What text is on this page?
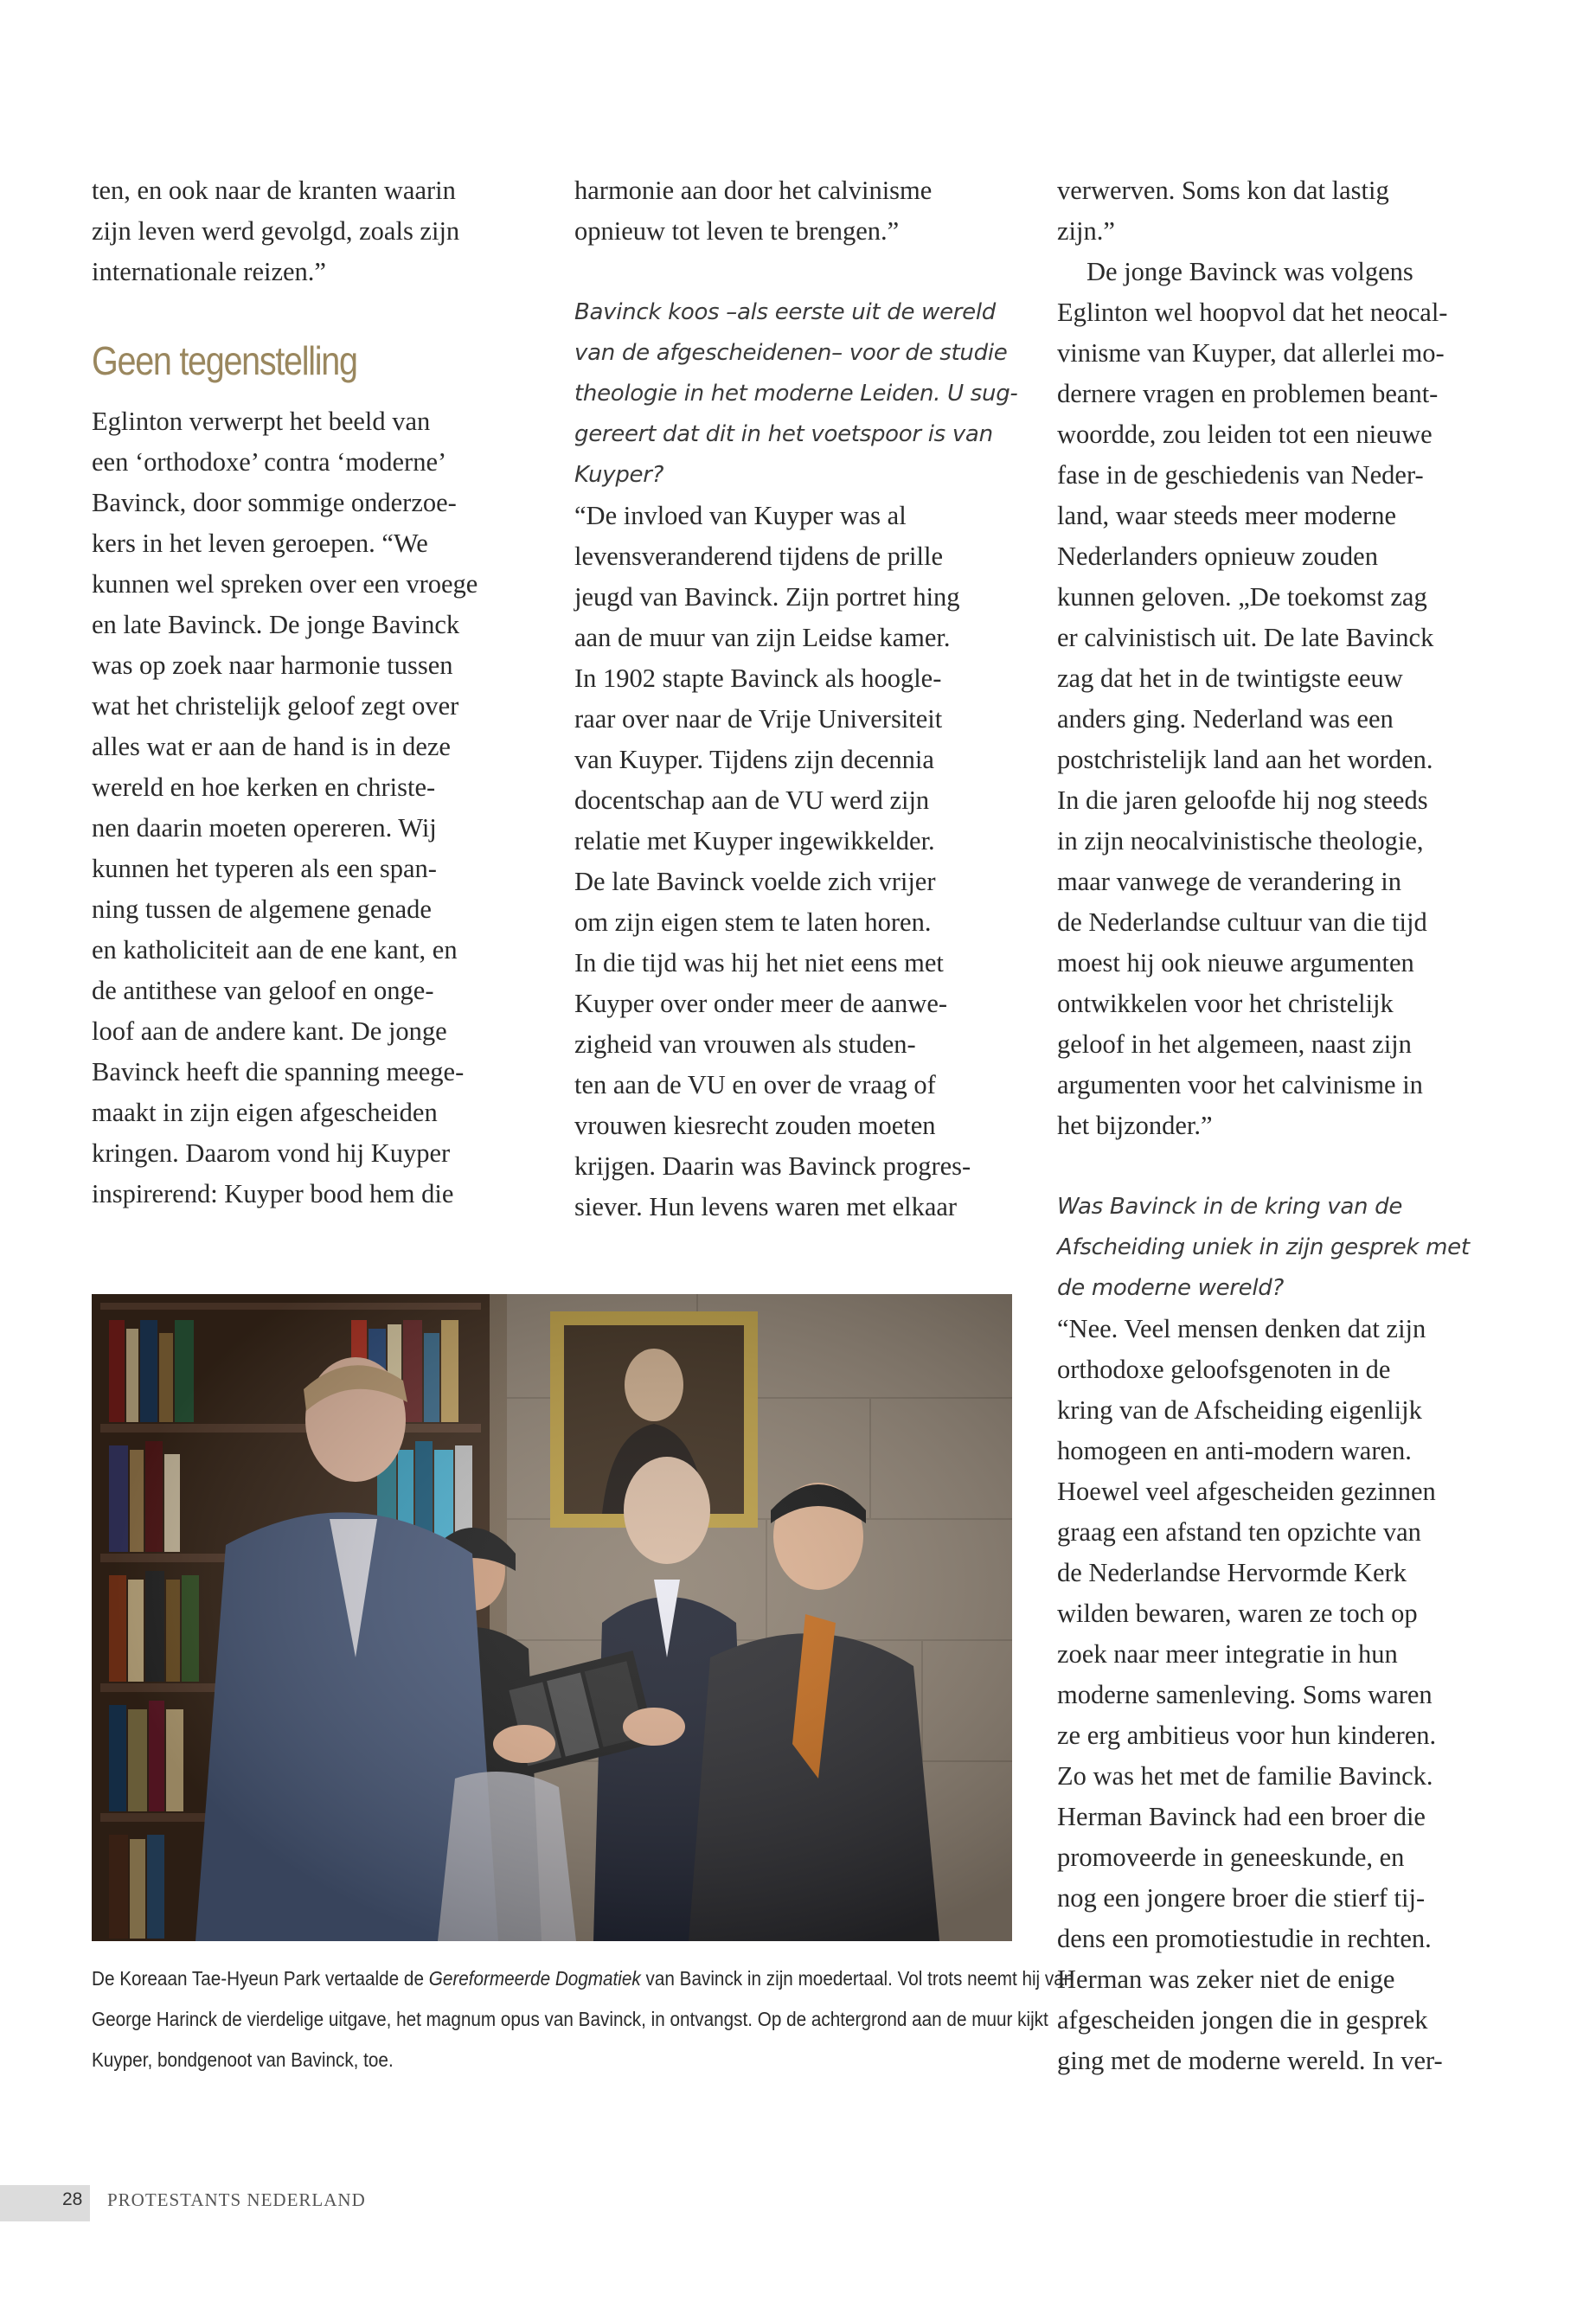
ten, en ook naar de kranten waarin
zijn leven werd gevolgd, zoals zijn
internationale reizen.”
Geen tegenstelling
Eglinton verwerpt het beeld van
een ‘orthodoxe’ contra ‘moderne’
Bavinck, door sommige onderzoe-
kers in het leven geroepen. “We
kunnen wel spreken over een vroege
en late Bavinck. De jonge Bavinck
was op zoek naar harmonie tussen
wat het christelijk geloof zegt over
alles wat er aan de hand is in deze
wereld en hoe kerken en christe-
nen daarin moeten opereren. Wij
kunnen het typeren als een span-
ning tussen de algemene genade
en katholiciteit aan de ene kant, en
de antithese van geloof en onge-
loof aan de andere kant. De jonge
Bavinck heeft die spanning meege-
maakt in zijn eigen afgescheiden
kringen. Daarom vond hij Kuyper
inspirerend: Kuyper bood hem die
harmonie aan door het calvinisme
opnieuw tot leven te brengen.”
Bavinck koos –als eerste uit de wereld
van de afgescheidenen– voor de studie
theologie in het moderne Leiden. U sug-
gereert dat dit in het voetspoor is van
Kuyper?
“De invloed van Kuyper was al
levensveranderend tijdens de prille
jeugd van Bavinck. Zijn portret hing
aan de muur van zijn Leidse kamer.
In 1902 stapte Bavinck als hoogle-
raar over naar de Vrije Universiteit
van Kuyper. Tijdens zijn decennia
docentschap aan de VU werd zijn
relatie met Kuyper ingewikkelder.
De late Bavinck voelde zich vrijer
om zijn eigen stem te laten horen.
In die tijd was hij het niet eens met
Kuyper over onder meer de aanwe-
zigheid van vrouwen als studen-
ten aan de VU en over de vraag of
vrouwen kiesrecht zouden moeten
krijgen. Daarin was Bavinck progres-
siever. Hun levens waren met elkaar
verwerven. Soms kon dat lastig
zijn.”
De jonge Bavinck was volgens
Eglinton wel hoopvol dat het neocal-
vinisme van Kuyper, dat allerlei mo-
dernere vragen en problemen beant-
woordde, zou leiden tot een nieuwe
fase in de geschiedenis van Neder-
land, waar steeds meer moderne
Nederlanders opnieuw zouden
kunnen geloven. „De toekomst zag
er calvinistisch uit. De late Bavinck
zag dat het in de twintigste eeuw
anders ging. Nederland was een
postchristelijk land aan het worden.
In die jaren geloofde hij nog steeds
in zijn neocalvinistische theologie,
maar vanwege de verandering in
de Nederlandse cultuur van die tijd
moest hij ook nieuwe argumenten
ontwikkelen voor het christelijk
geloof in het algemeen, naast zijn
argumenten voor het calvinisme in
het bijzonder.”
Was Bavinck in de kring van de
Afscheiding uniek in zijn gesprek met
de moderne wereld?
“Nee. Veel mensen denken dat zijn
orthodoxe geloofsgenoten in de
kring van de Afscheiding eigenlijk
homogeen en anti-modern waren.
Hoewel veel afgescheiden gezinnen
graag een afstand ten opzichte van
de Nederlandse Hervormde Kerk
wilden bewaren, waren ze toch op
zoek naar meer integratie in hun
moderne samenleving. Soms waren
ze erg ambitieus voor hun kinderen.
Zo was het met de familie Bavinck.
Herman Bavinck had een broer die
promoveerde in geneeskunde, en
nog een jongere broer die stierf tij-
dens een promotiestudie in rechten.
Herman was zeker niet de enige
afgescheiden jongen die in gesprek
ging met de moderne wereld. In ver-
De Koreaan Tae-Hyeun Park vertaalde de Gereformeerde Dogmatiek van Bavinck in zijn moedertaal. Vol trots neemt hij van
George Harinck de vierdelige uitgave, het magnum opus van Bavinck, in ontvangst. Op de achtergrond aan de muur kijkt
Kuyper, bondgenoot van Bavinck, toe.
28 PROTESTANTS NEDERLAND
